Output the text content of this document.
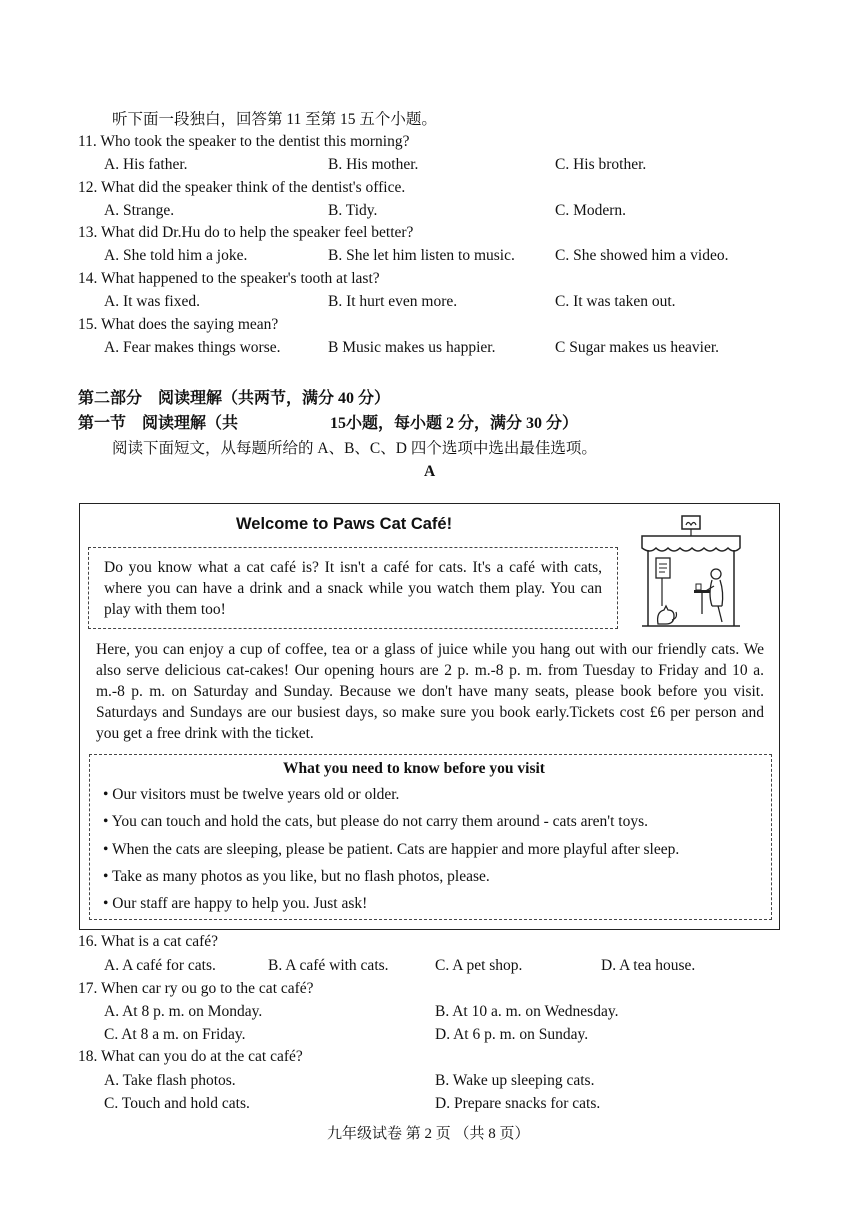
听下面一段独白，回答第 11 至第 15 五个小题。
11. Who took the speaker to the dentist this morning?
A. His father.	B. His mother.	C. His brother.
12. What did the speaker think of the dentist's office.
A. Strange.	B. Tidy.	C. Modern.
13. What did Dr.Hu do to help the speaker feel better?
A. She told him a joke.	B. She let him listen to music.	C. She showed him a video.
14. What happened to the speaker's tooth at last?
A. It was fixed.	B. It hurt even more.	C. It was taken out.
15. What does the saying mean?
A. Fear makes things worse.	B Music makes us happier.	C Sugar makes us heavier.
第二部分　阅读理解（共两节，满分 40 分）
第一节　阅读理解（共	15小题，每小题 2 分，满分 30 分）
阅读下面短文，从每题所给的 A、B、C、D 四个选项中选出最佳选项。
A
Welcome to Paws Cat Café!
Do you know what a cat café is? It isn't a café for cats. It's a café with cats, where you can have a drink and a snack while you watch them play. You can play with them too!
Here, you can enjoy a cup of coffee, tea or a glass of juice while you hang out with our friendly cats. We also serve delicious cat-cakes! Our opening hours are 2 p. m.-8 p. m. from Tuesday to Friday and 10 a. m.-8 p. m. on Saturday and Sunday. Because we don't have many seats, please book before you visit. Saturdays and Sundays are our busiest days, so make sure you book early.Tickets cost £6 per person and you get a free drink with the ticket.
What you need to know before you visit
• Our visitors must be twelve years old or older.
• You can touch and hold the cats, but please do not carry them around - cats aren't toys.
• When the cats are sleeping, please be patient. Cats are happier and more playful after sleep.
• Take as many photos as you like, but no flash photos, please.
• Our staff are happy to help you. Just ask!
16. What is a cat café?
A. A café for cats.	B. A café with cats.	C. A pet shop.	D. A tea house.
17. When car ry ou go to the cat café?
A. At 8 p. m. on Monday.	B. At 10 a. m. on Wednesday.
C. At 8 a m. on Friday.	D. At 6 p. m. on Sunday.
18. What can you do at the cat café?
A. Take flash photos.	B. Wake up sleeping cats.
C. Touch and hold cats.	D. Prepare snacks for cats.
九年级试卷 第 2 页 （共 8 页）
